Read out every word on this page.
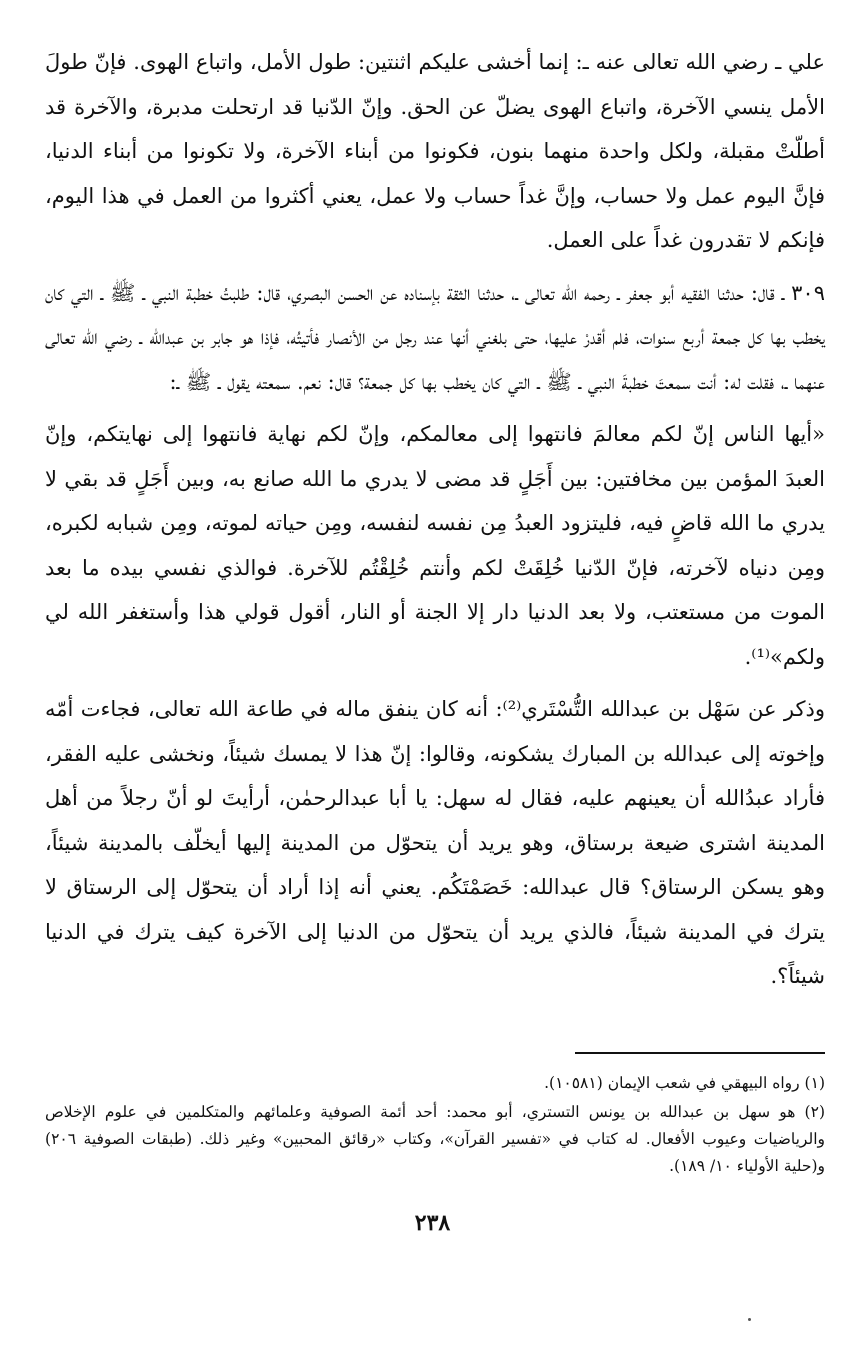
علي ـ رضي الله تعالى عنه ـ: إنما أخشى عليكم اثنتين: طول الأمل، واتباع الهوى. فإنّ طولَ الأمل ينسي الآخرة، واتباع الهوى يضلّ عن الحق. وإنّ الدّنيا قد ارتحلت مدبرة، والآخرة قد أطلّتْ مقبلة، ولكل واحدة منهما بنون، فكونوا من أبناء الآخرة، ولا تكونوا من أبناء الدنيا، فإنَّ اليوم عمل ولا حساب، وإنَّ غداً حساب ولا عمل، يعني أكثروا من العمل في هذا اليوم، فإنكم لا تقدرون غداً على العمل.

٣٠٩ ـ قال: حدثنا الفقيه أبو جعفر ـ رحمه الله تعالى ـ، حدثنا الثقة بإسناده عن الحسن البصري، قال: طلبتُ خطبة النبي ـ ﷺ ـ التي كان يخطب بها كل جمعة أربع سنوات، فلم أقدرْ عليها، حتى بلغني أنها عند رجل من الأنصار فأتيتُه، فإذا هو جابر بن عبدالله ـ رضي الله تعالى عنهما ـ، فقلت له: أنت سمعتَ خطبةَ النبي ـ ﷺ ـ التي كان يخطب بها كل جمعة؟ قال: نعم. سمعته يقول ـ ﷺ ـ:

«أيها الناس إنّ لكم معالمَ فانتهوا إلى معالمكم، وإنّ لكم نهاية فانتهوا إلى نهايتكم، وإنّ العبدَ المؤمن بين مخافتين: بين أَجَلٍ قد مضى لا يدري ما الله صانع به، وبين أَجَلٍ قد بقي لا يدري ما الله قاضٍ فيه، فليتزود العبدُ مِن نفسه لنفسه، ومِن حياته لموته، ومِن شبابه لكبره، ومِن دنياه لآخرته، فإنّ الدّنيا خُلِقَتْ لكم وأنتم خُلِقْتُم للآخرة. فوالذي نفسي بيده ما بعد الموت من مستعتب، ولا بعد الدنيا دار إلا الجنة أو النار، أقول قولي هذا وأستغفر الله لي ولكم»⁽¹⁾.

وذكر عن سَهْل بن عبدالله التُّسْتَري⁽²⁾: أنه كان ينفق ماله في طاعة الله تعالى، فجاءت أمّه وإخوته إلى عبدالله بن المبارك يشكونه، وقالوا: إنّ هذا لا يمسك شيئاً، ونخشى عليه الفقر، فأراد عبدُالله أن يعينهم عليه، فقال له سهل: يا أبا عبدالرحمٰن، أرأيتَ لو أنّ رجلاً من أهل المدينة اشترى ضيعة برستاق، وهو يريد أن يتحوّل من المدينة إليها أيخلّف بالمدينة شيئاً، وهو يسكن الرستاق؟ قال عبدالله: خَصَمْتَكُم. يعني أنه إذا أراد أن يتحوّل إلى الرستاق لا يترك في المدينة شيئاً، فالذي يريد أن يتحوّل من الدنيا إلى الآخرة كيف يترك في الدنيا شيئاً؟.

(١) رواه البيهقي في شعب الإيمان (١٠٥٨١).

(٢) هو سهل بن عبدالله بن يونس التستري، أبو محمد: أحد أئمة الصوفية وعلمائهم والمتكلمين في علوم الإخلاص والرياضيات وعيوب الأفعال. له كتاب في «تفسير القرآن»، وكتاب «رقائق المحبين» وغير ذلك. (طبقات الصوفية ٢٠٦) و(حلية الأولياء ١٠/ ١٨٩).

٢٣٨
